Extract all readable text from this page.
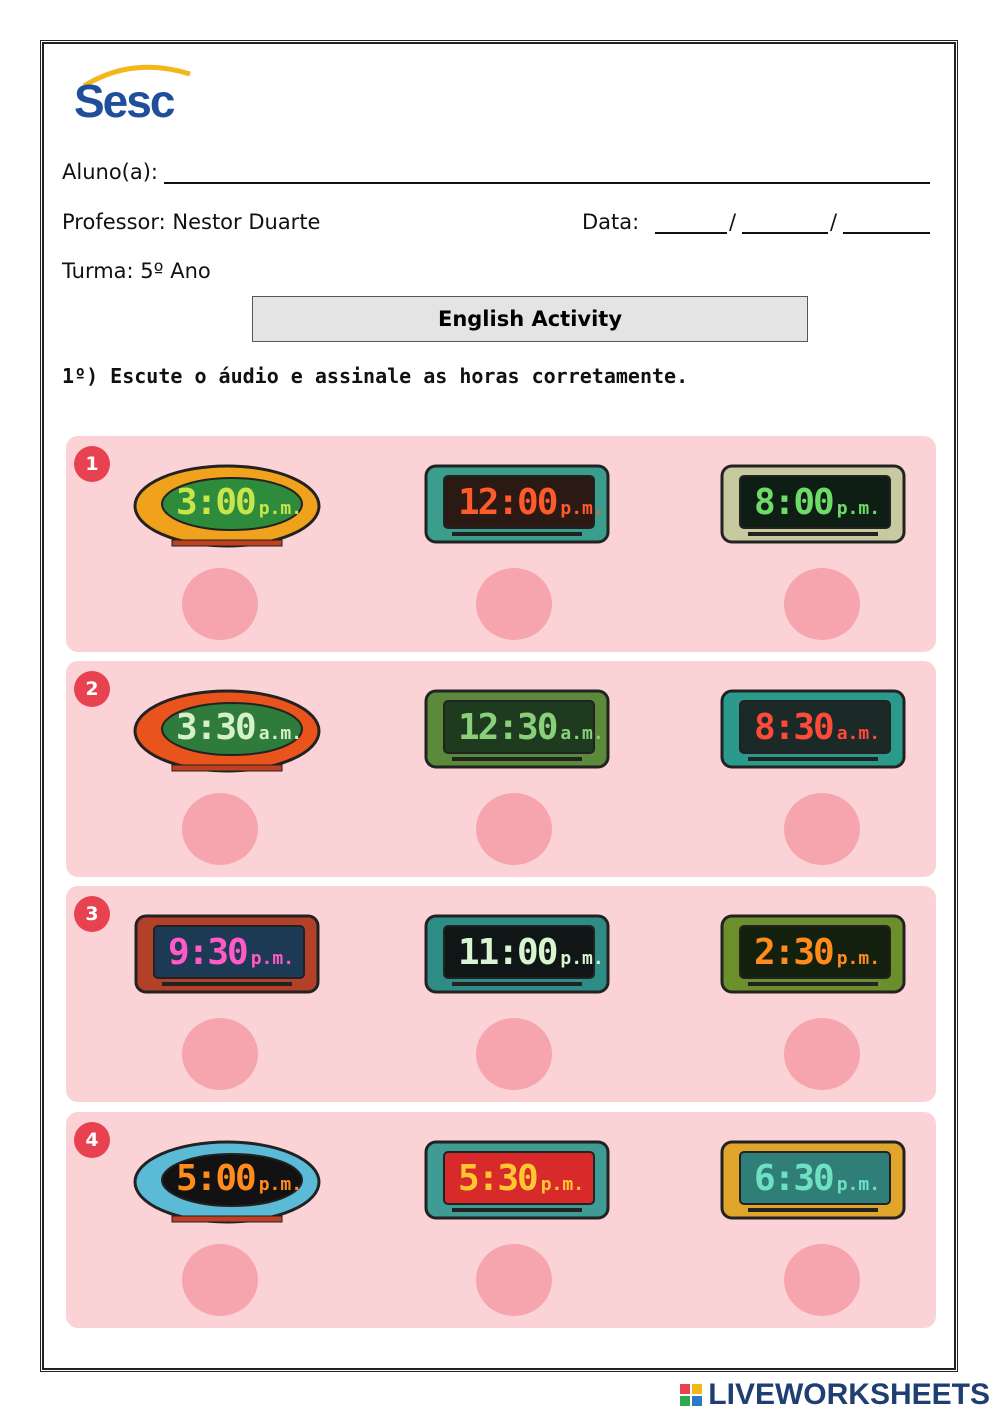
Sesc
Aluno(a):
Professor: Nestor Duarte	Data:	/	/
Turma: 5º Ano
English Activity
1º) Escute o áudio e assinale as horas corretamente.
1
3:00 p.m.	12:00 p.m.	8:00 p.m.
2
3:30 a.m.	12:30 a.m.	8:30 a.m.
3
9:30 p.m.	11:00 p.m.	2:30 p.m.
4
5:00 p.m.	5:30 p.m.	6:30 p.m.
LIVEWORKSHEETS
